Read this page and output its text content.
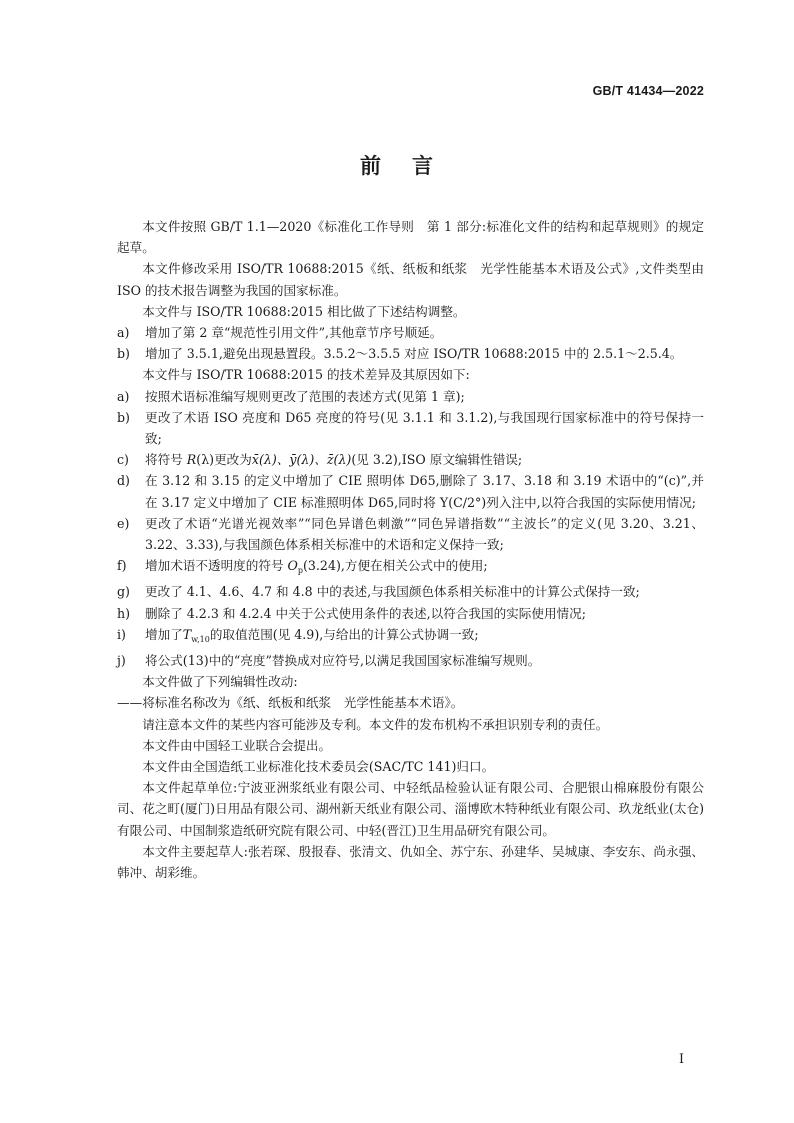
GB/T 41434—2022
前 言

本文件按照 GB/T 1.1—2020《标准化工作导则　第 1 部分:标准化文件的结构和起草规则》的规定起草。

本文件修改采用 ISO/TR 10688:2015《纸、纸板和纸浆　光学性能基本术语及公式》,文件类型由 ISO 的技术报告调整为我国的国家标准。

本文件与 ISO/TR 10688:2015 相比做了下述结构调整。

a) 增加了第 2 章“规范性引用文件”,其他章节序号顺延。

b) 增加了 3.5.1,避免出现悬置段。3.5.2～3.5.5 对应 ISO/TR 10688:2015 中的 2.5.1～2.5.4。

本文件与 ISO/TR 10688:2015 的技术差异及其原因如下:

a) 按照术语标准编写规则更改了范围的表述方式(见第 1 章);

b) 更改了术语 ISO 亮度和 D65 亮度的符号(见 3.1.1 和 3.1.2),与我国现行国家标准中的符号保持一致;

c) 将符号 R(λ)更改为x̄(λ)、ȳ(λ)、z̄(λ)(见 3.2),ISO 原文编辑性错误;

d) 在 3.12 和 3.15 的定义中增加了 CIE 照明体 D65,删除了 3.17、3.18 和 3.19 术语中的“(c)”,并在 3.17 定义中增加了 CIE 标准照明体 D65,同时将 Y(C/2°)列入注中,以符合我国的实际使用情况;

e) 更改了术语“光谱光视效率”“同色异谱色刺激”“同色异谱指数”“主波长”的定义(见 3.20、3.21、3.22、3.33),与我国颜色体系相关标准中的术语和定义保持一致;

f) 增加术语不透明度的符号 $O_p(3.24)$,方便在相关公式中的使用;

g) 更改了 4.1、4.6、4.7 和 4.8 中的表述,与我国颜色体系相关标准中的计算公式保持一致;

h) 删除了 4.2.3 和 4.2.4 中关于公式使用条件的表述,以符合我国的实际使用情况;

i) 增加了$T_{w,10}$的取值范围(见 4.9),与给出的计算公式协调一致;

j) 将公式(13)中的“亮度”替换成对应符号,以满足我国国家标准编写规则。

本文件做了下列编辑性改动:

——将标准名称改为《纸、纸板和纸浆　光学性能基本术语》。

请注意本文件的某些内容可能涉及专利。本文件的发布机构不承担识别专利的责任。

本文件由中国轻工业联合会提出。

本文件由全国造纸工业标准化技术委员会(SAC/TC 141)归口。

本文件起草单位:宁波亚洲浆纸业有限公司、中轻纸品检验认证有限公司、合肥银山棉麻股份有限公司、花之町(厦门)日用品有限公司、湖州新天纸业有限公司、淄博欧木特种纸业有限公司、玖龙纸业(太仓)有限公司、中国制浆造纸研究院有限公司、中轻(晋江)卫生用品研究有限公司。

本文件主要起草人:张若琛、殷报春、张清文、仇如全、苏宁东、孙建华、吴城康、李安东、尚永强、韩冲、胡彩维。

I
